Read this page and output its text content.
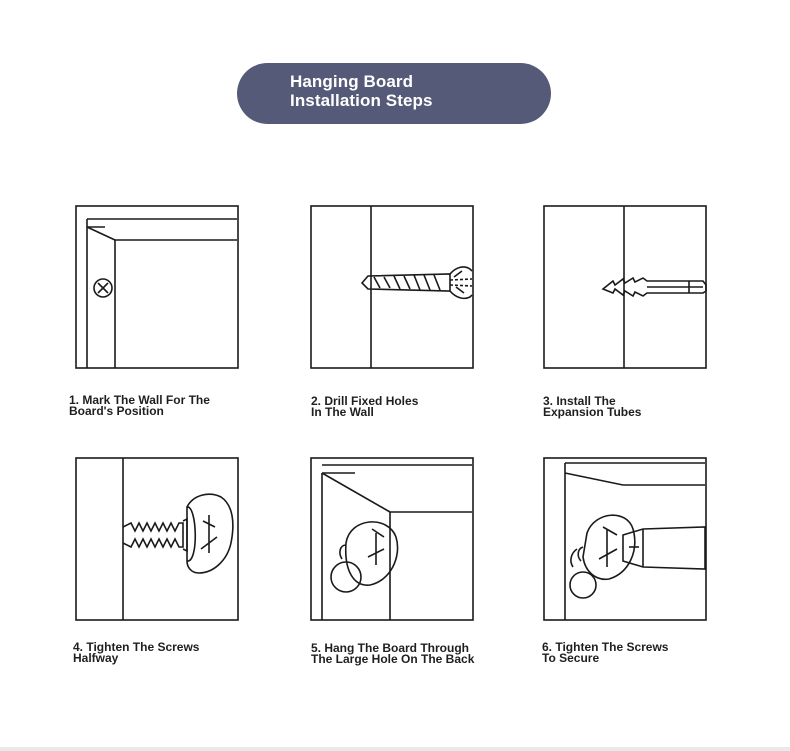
Hanging Board
Installation Steps
1. Mark The Wall For The
Board's Position
2. Drill Fixed Holes
In The Wall
3. Install The
Expansion Tubes
4. Tighten The Screws
Halfway
5. Hang The Board Through
The Large Hole On The Back
6. Tighten The Screws
To Secure
